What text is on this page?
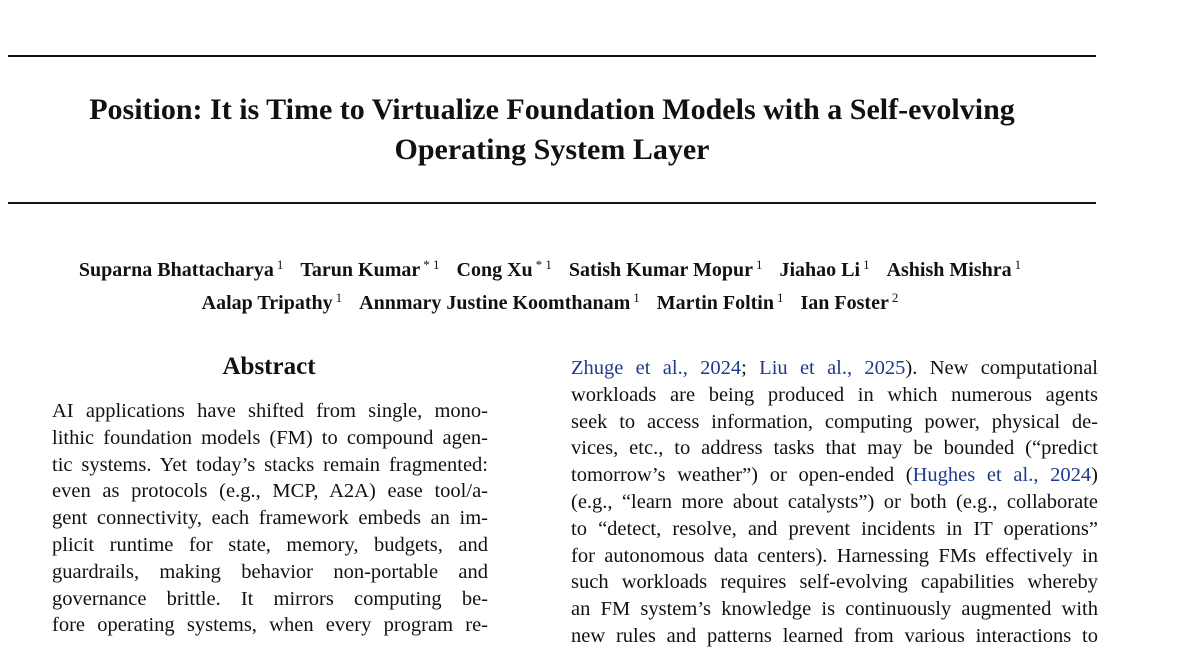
Position: It is Time to Virtualize Foundation Models with a Self-evolving
Operating System Layer
Suparna Bhattacharya $^1$ Tarun Kumar $^{* 1}$ Cong Xu $^{* 1}$ Satish Kumar Mopur $^1$ Jiahao Li $^1$ Ashish Mishra $^1$
Aalap Tripathy $^1$ Annmary Justine Koomthanam $^1$ Martin Foltin $^1$ Ian Foster $^2$
Abstract
AI applications have shifted from single, mono-
lithic foundation models (FM) to compound agen-
tic systems. Yet today’s stacks remain fragmented:
even as protocols (e.g., MCP, A2A) ease tool/a-
gent connectivity, each framework embeds an im-
plicit runtime for state, memory, budgets, and
guardrails, making behavior non-portable and
governance brittle. It mirrors computing be-
fore operating systems, when every program re-
Zhuge et al., 2024; Liu et al., 2025). New computational
workloads are being produced in which numerous agents
seek to access information, computing power, physical de-
vices, etc., to address tasks that may be bounded (“predict
tomorrow’s weather”) or open-ended (Hughes et al., 2024)
(e.g., “learn more about catalysts”) or both (e.g., collaborate
to “detect, resolve, and prevent incidents in IT operations”
for autonomous data centers). Harnessing FMs effectively in
such workloads requires self-evolving capabilities whereby
an FM system’s knowledge is continuously augmented with
new rules and patterns learned from various interactions to
